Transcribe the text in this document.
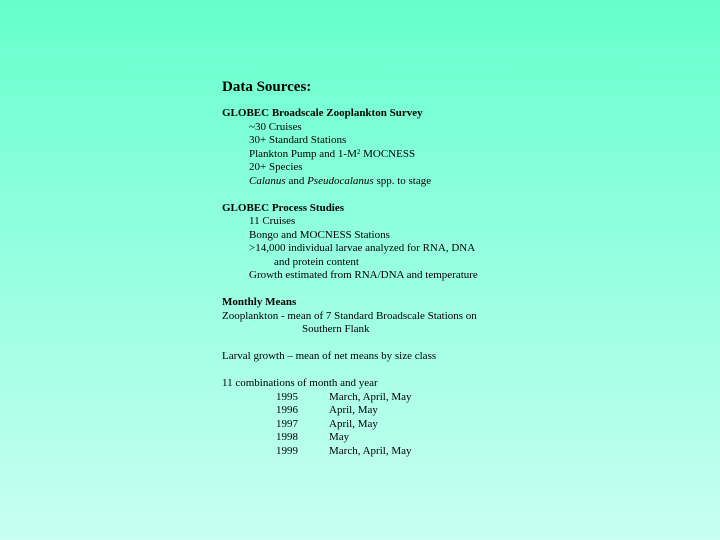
Data Sources:
GLOBEC Broadscale Zooplankton Survey
~30 Cruises
30+ Standard Stations
Plankton Pump and $1-M^2$ MOCNESS
20+ Species
Calanus and Pseudocalanus spp. to stage
GLOBEC Process Studies
11 Cruises
Bongo and MOCNESS Stations
>14,000 individual larvae analyzed for RNA, DNA
and protein content
Growth estimated from RNA/DNA and temperature
Monthly Means
Zooplankton - mean of 7 Standard Broadscale Stations on
Southern Flank
Larval growth – mean of net means by size class
11 combinations of month and year
1995	March, April, May
1996	April, May
1997	April, May
1998	May
1999	March, April, May
